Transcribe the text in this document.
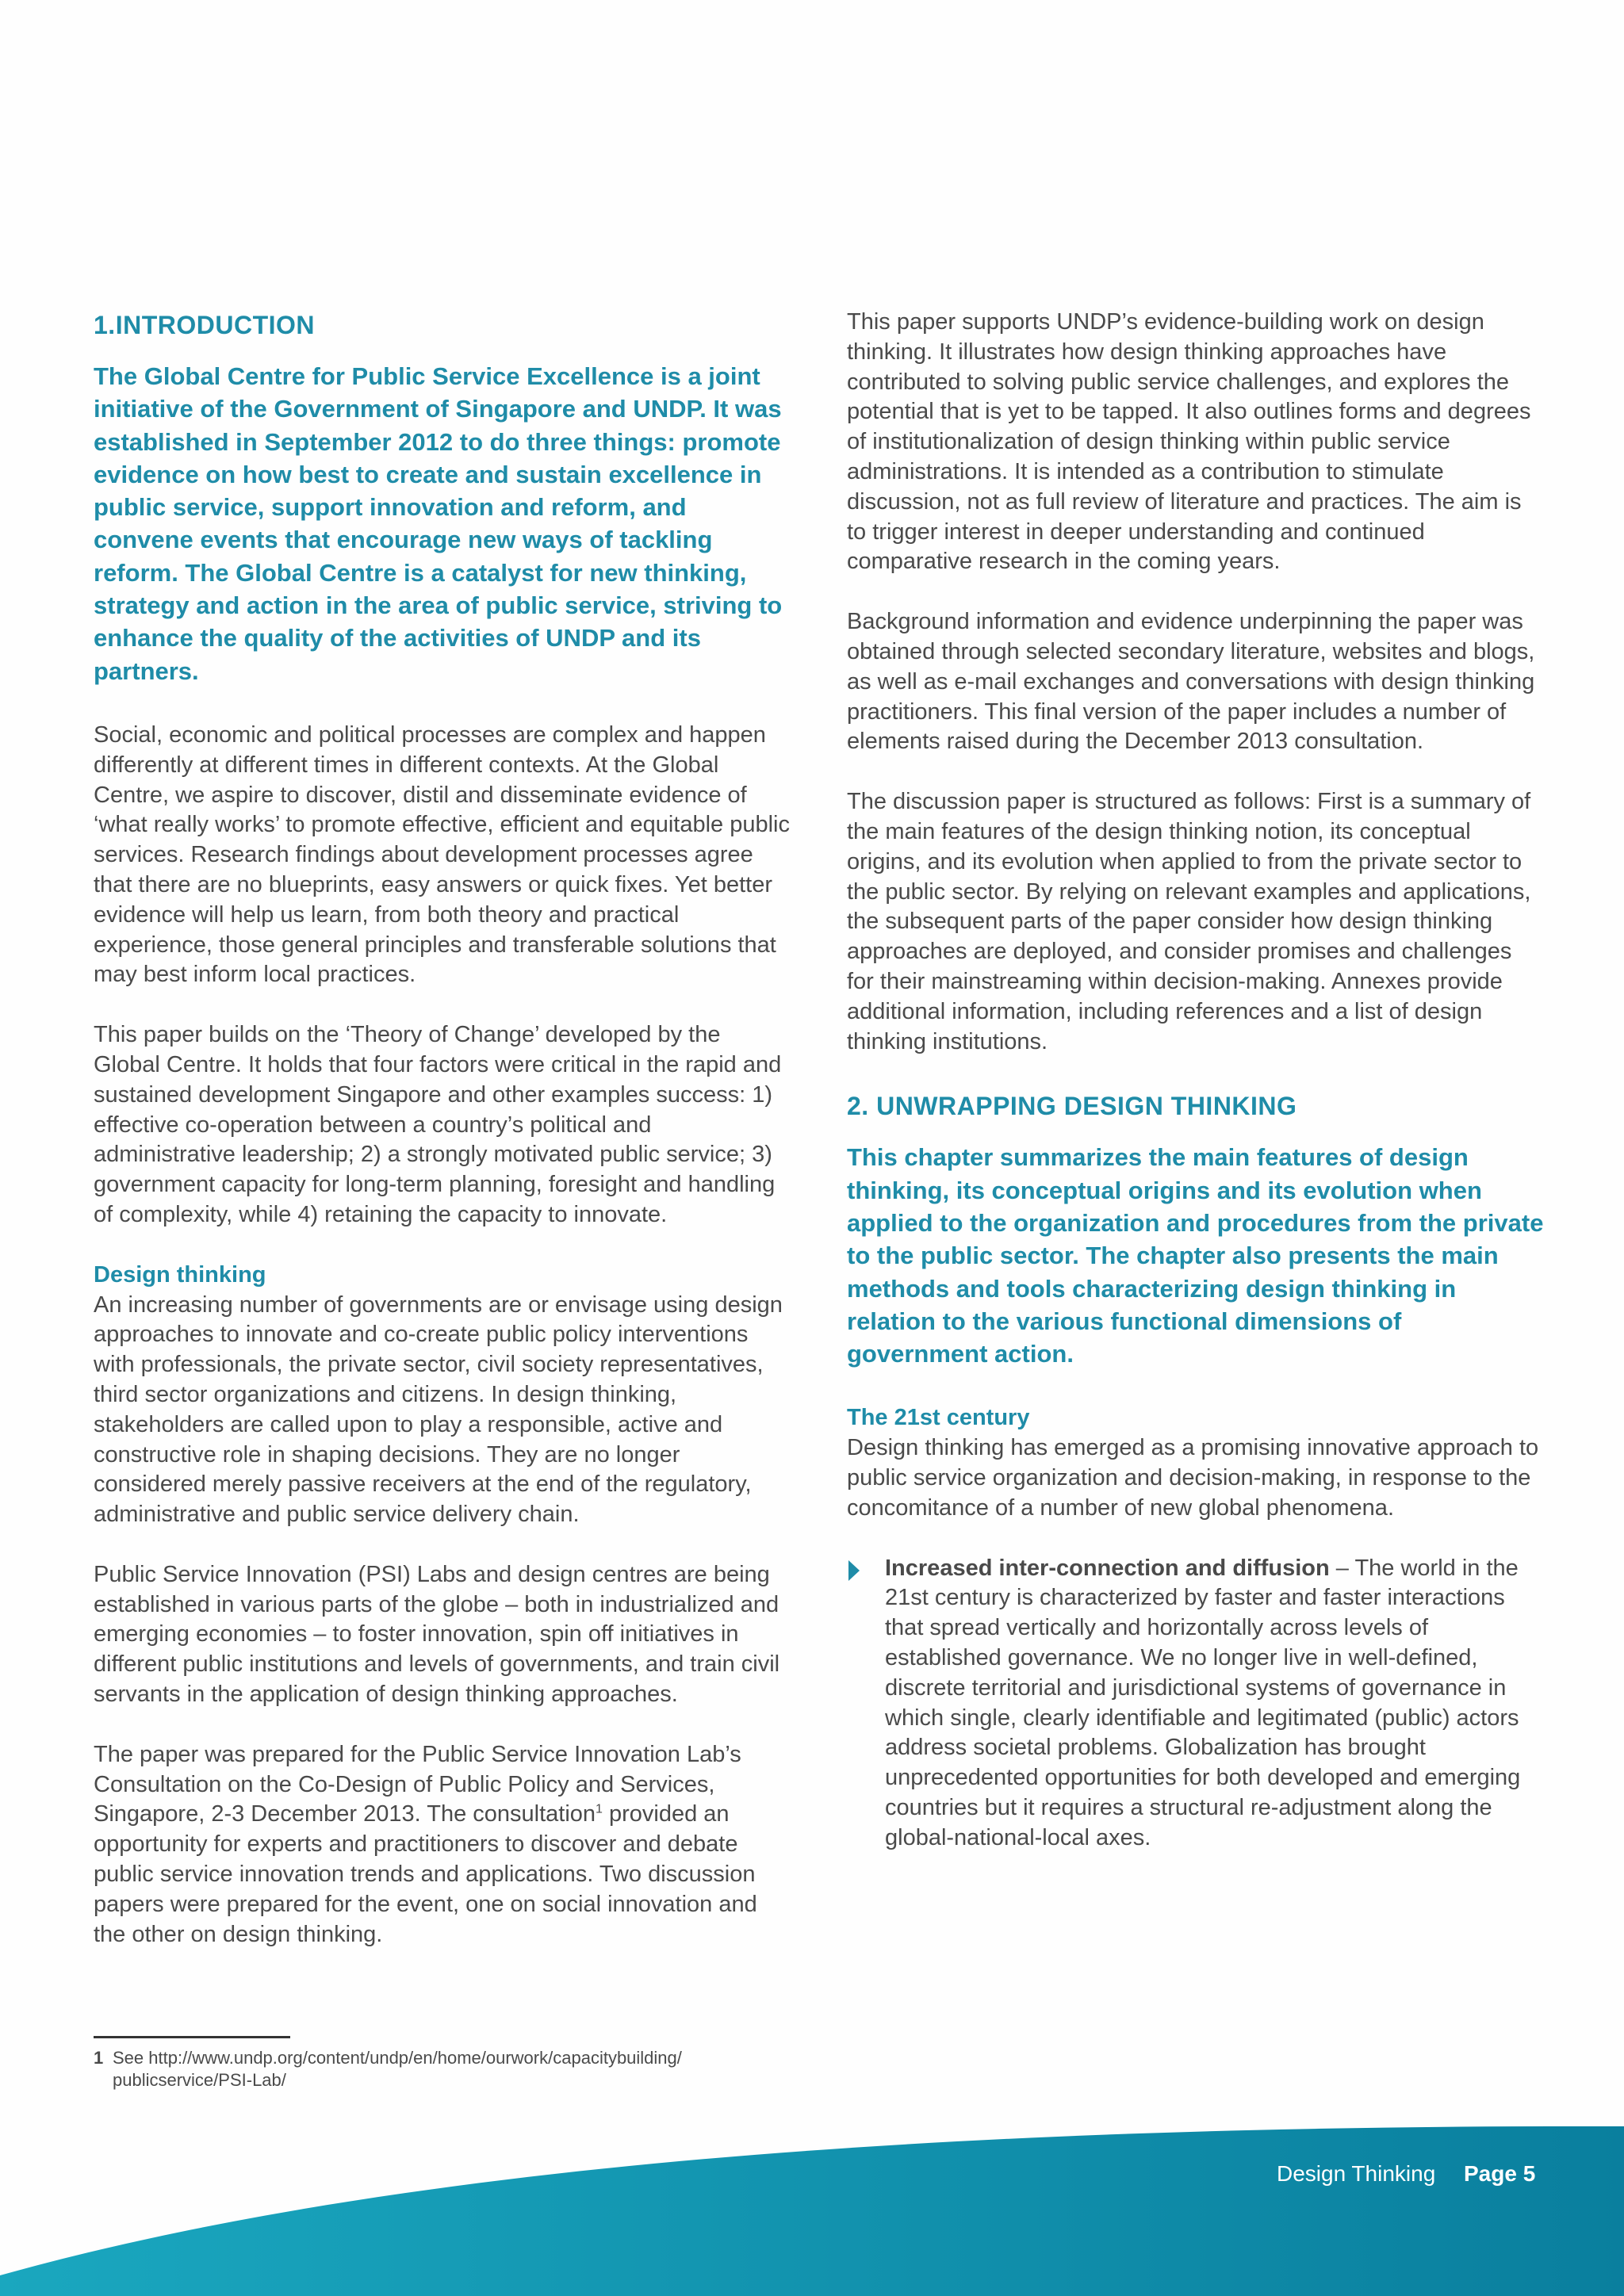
1.INTRODUCTION

The Global Centre for Public Service Excellence is a joint initiative of the Government of Singapore and UNDP. It was established in September 2012 to do three things: promote evidence on how best to create and sustain excellence in public service, support innovation and reform, and convene events that encourage new ways of tackling reform. The Global Centre is a catalyst for new thinking, strategy and action in the area of public service, striving to enhance the quality of the activities of UNDP and its partners.

Social, economic and political processes are complex and happen differently at different times in different contexts. At the Global Centre, we aspire to discover, distil and disseminate evidence of ‘what really works’ to promote effective, efficient and equitable public services. Research findings about development processes agree that there are no blueprints, easy answers or quick fixes. Yet better evidence will help us learn, from both theory and practical experience, those general principles and transferable solutions that may best inform local practices.

This paper builds on the ‘Theory of Change’ developed by the Global Centre. It holds that four factors were critical in the rapid and sustained development Singapore and other examples success: 1) effective co-operation between a country’s political and administrative leadership; 2) a strongly motivated public service; 3) government capacity for long-term planning, foresight and handling of complexity, while 4) retaining the capacity to innovate.

Design thinking

An increasing number of governments are or envisage using design approaches to innovate and co-create public policy interventions with professionals, the private sector, civil society representatives, third sector organizations and citizens. In design thinking, stakeholders are called upon to play a responsible, active and constructive role in shaping decisions. They are no longer considered merely passive receivers at the end of the regulatory, administrative and public service delivery chain.

Public Service Innovation (PSI) Labs and design centres are being established in various parts of the globe – both in industrialized and emerging economies – to foster innovation, spin off initiatives in different public institutions and levels of governments, and train civil servants in the application of design thinking approaches.

The paper was prepared for the Public Service Innovation Lab’s Consultation on the Co-Design of Public Policy and Services, Singapore, 2-3 December 2013. The consultation$^1$ provided an opportunity for experts and practitioners to discover and debate public service innovation trends and applications. Two discussion papers were prepared for the event, one on social innovation and the other on design thinking.

This paper supports UNDP’s evidence-building work on design thinking. It illustrates how design thinking approaches have contributed to solving public service challenges, and explores the potential that is yet to be tapped. It also outlines forms and degrees of institutionalization of design thinking within public service administrations. It is intended as a contribution to stimulate discussion, not as full review of literature and practices. The aim is to trigger interest in deeper understanding and continued comparative research in the coming years.

Background information and evidence underpinning the paper was obtained through selected secondary literature, websites and blogs, as well as e-mail exchanges and conversations with design thinking practitioners. This final version of the paper includes a number of elements raised during the December 2013 consultation.

The discussion paper is structured as follows: First is a summary of the main features of the design thinking notion, its conceptual origins, and its evolution when applied to from the private sector to the public sector. By relying on relevant examples and applications, the subsequent parts of the paper consider how design thinking approaches are deployed, and consider promises and challenges for their mainstreaming within decision-making. Annexes provide additional information, including references and a list of design thinking institutions.

2. UNWRAPPING DESIGN THINKING

This chapter summarizes the main features of design thinking, its conceptual origins and its evolution when applied to the organization and procedures from the private to the public sector. The chapter also presents the main methods and tools characterizing design thinking in relation to the various functional dimensions of government action.

The 21st century

Design thinking has emerged as a promising innovative approach to public service organization and decision-making, in response to the concomitance of a number of new global phenomena.

Increased inter-connection and diffusion – The world in the 21st century is characterized by faster and faster interactions that spread vertically and horizontally across levels of established governance. We no longer live in well-defined, discrete territorial and jurisdictional systems of governance in which single, clearly identifiable and legitimated (public) actors address societal problems. Globalization has brought unprecedented opportunities for both developed and emerging countries but it requires a structural re-adjustment along the global-national-local axes.

1 See http://www.undp.org/content/undp/en/home/ourwork/capacitybuilding/ publicservice/PSI-Lab/
Design Thinking Page 5
